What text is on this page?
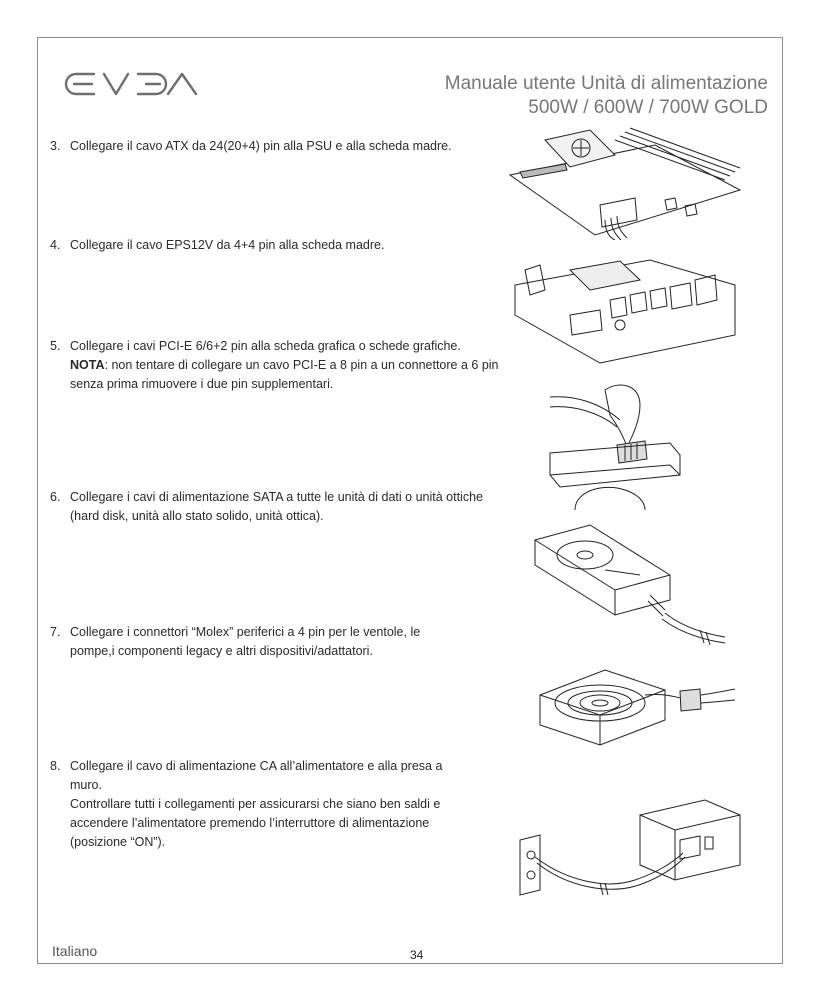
Manuale utente Unità di alimentazione
500W / 600W / 700W GOLD
3. Collegare il cavo ATX da 24(20+4) pin alla PSU e alla scheda madre.
4. Collegare il cavo EPS12V da 4+4 pin alla scheda madre.
5. Collegare i cavi PCI-E 6/6+2 pin alla scheda grafica o schede grafiche.
NOTA: non tentare di collegare un cavo PCI-E a 8 pin a un connettore a 6 pin senza prima rimuovere i due pin supplementari.
6. Collegare i cavi di alimentazione SATA a tutte le unità di dati o unità ottiche (hard disk, unità allo stato solido, unità ottica).
7. Collegare i connettori “Molex” periferici a 4 pin per le ventole, le pompe,i componenti legacy e altri dispositivi/adattatori.
8. Collegare il cavo di alimentazione CA all’alimentatore e alla presa a muro.
Controllare tutti i collegamenti per assicurarsi che siano ben saldi e accendere l’alimentatore premendo l’interruttore di alimentazione (posizione “ON”).
Italiano	34
